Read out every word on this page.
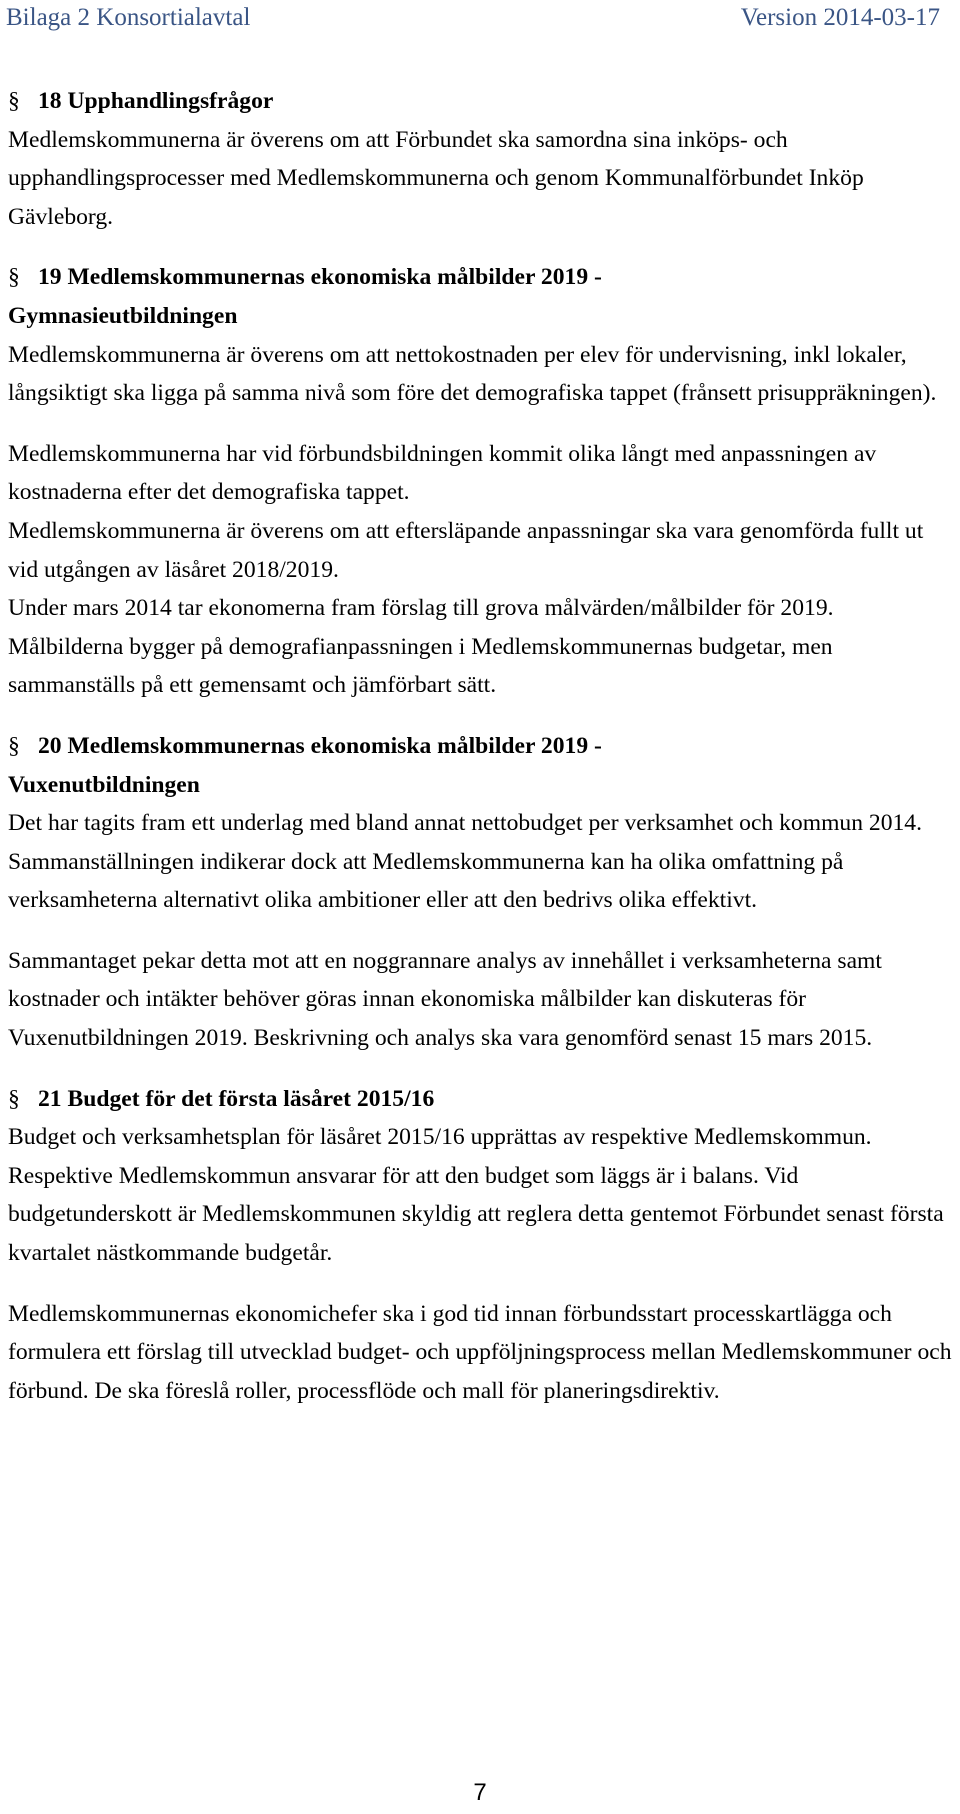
Bilaga 2 Konsortialavtal	Version 2014-03-17

§ 18 Upphandlingsfrågor

Medlemskommunerna är överens om att Förbundet ska samordna sina inköps- och upphandlingsprocesser med Medlemskommunerna och genom Kommunalförbundet Inköp Gävleborg.

§ 19 Medlemskommunernas ekonomiska målbilder 2019 -
Gymnasieutbildningen

Medlemskommunerna är överens om att nettokostnaden per elev för undervisning, inkl lokaler, långsiktigt ska ligga på samma nivå som före det demografiska tappet (frånsett prisuppräkningen).

Medlemskommunerna har vid förbundsbildningen kommit olika långt med anpassningen av kostnaderna efter det demografiska tappet.

Medlemskommunerna är överens om att eftersläpande anpassningar ska vara genomförda fullt ut vid utgången av läsåret 2018/2019.

Under mars 2014 tar ekonomerna fram förslag till grova målvärden/målbilder för 2019. Målbilderna bygger på demografianpassningen i Medlemskommunernas budgetar, men sammanställs på ett gemensamt och jämförbart sätt.

§ 20 Medlemskommunernas ekonomiska målbilder 2019 -
Vuxenutbildningen

Det har tagits fram ett underlag med bland annat nettobudget per verksamhet och kommun 2014. Sammanställningen indikerar dock att Medlemskommunerna kan ha olika omfattning på verksamheterna alternativt olika ambitioner eller att den bedrivs olika effektivt.

Sammantaget pekar detta mot att en noggrannare analys av innehållet i verksamheterna samt kostnader och intäkter behöver göras innan ekonomiska målbilder kan diskuteras för Vuxenutbildningen 2019. Beskrivning och analys ska vara genomförd senast 15 mars 2015.

§ 21 Budget för det första läsåret 2015/16

Budget och verksamhetsplan för läsåret 2015/16 upprättas av respektive Medlemskommun. Respektive Medlemskommun ansvarar för att den budget som läggs är i balans. Vid budgetunderskott är Medlemskommunen skyldig att reglera detta gentemot Förbundet senast första kvartalet nästkommande budgetår.

Medlemskommunernas ekonomichefer ska i god tid innan förbundsstart processkartlägga och formulera ett förslag till utvecklad budget- och uppföljningsprocess mellan Medlemskommuner och förbund. De ska föreslå roller, processflöde och mall för planeringsdirektiv.

7
